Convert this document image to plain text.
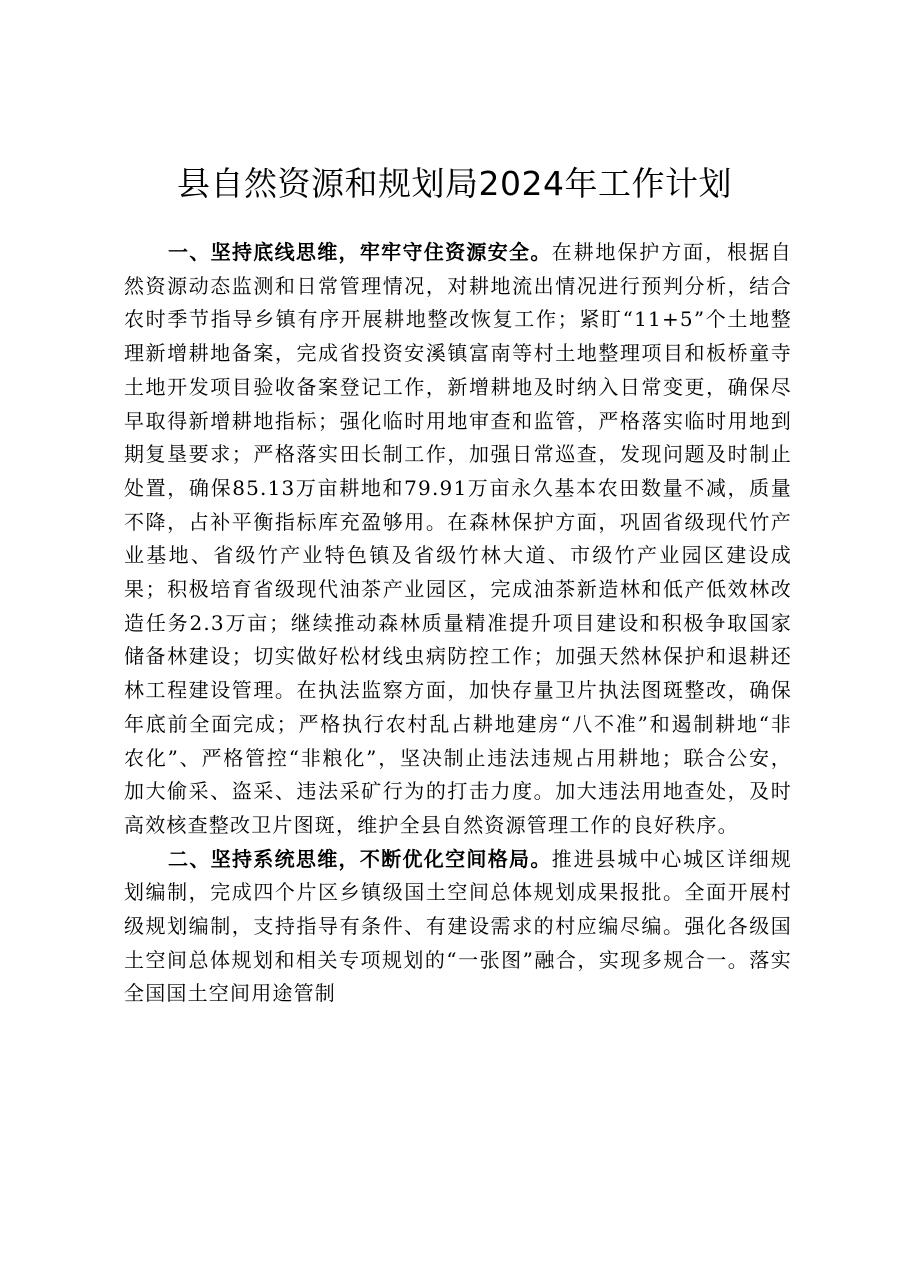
县自然资源和规划局2024年工作计划

一、坚持底线思维，牢牢守住资源安全。在耕地保护方面，根据自然资源动态监测和日常管理情况，对耕地流出情况进行预判分析，结合农时季节指导乡镇有序开展耕地整改恢复工作；紧盯“11+5”个土地整理新增耕地备案，完成省投资安溪镇富南等村土地整理项目和板桥童寺土地开发项目验收备案登记工作，新增耕地及时纳入日常变更，确保尽早取得新增耕地指标；强化临时用地审查和监管，严格落实临时用地到期复垦要求；严格落实田长制工作，加强日常巡查，发现问题及时制止处置，确保85.13万亩耕地和79.91万亩永久基本农田数量不减，质量不降，占补平衡指标库充盈够用。在森林保护方面，巩固省级现代竹产业基地、省级竹产业特色镇及省级竹林大道、市级竹产业园区建设成果；积极培育省级现代油茶产业园区，完成油茶新造林和低产低效林改造任务2.3万亩；继续推动森林质量精准提升项目建设和积极争取国家储备林建设；切实做好松材线虫病防控工作；加强天然林保护和退耕还林工程建设管理。在执法监察方面，加快存量卫片执法图斑整改，确保年底前全面完成；严格执行农村乱占耕地建房“八不准”和遏制耕地“非农化”、严格管控“非粮化”，坚决制止违法违规占用耕地；联合公安，加大偷采、盗采、违法采矿行为的打击力度。加大违法用地查处，及时高效核查整改卫片图斑，维护全县自然资源管理工作的良好秩序。

二、坚持系统思维，不断优化空间格局。推进县城中心城区详细规划编制，完成四个片区乡镇级国土空间总体规划成果报批。全面开展村级规划编制，支持指导有条件、有建设需求的村应编尽编。强化各级国土空间总体规划和相关专项规划的“一张图”融合，实现多规合一。落实全国国土空间用途管制
